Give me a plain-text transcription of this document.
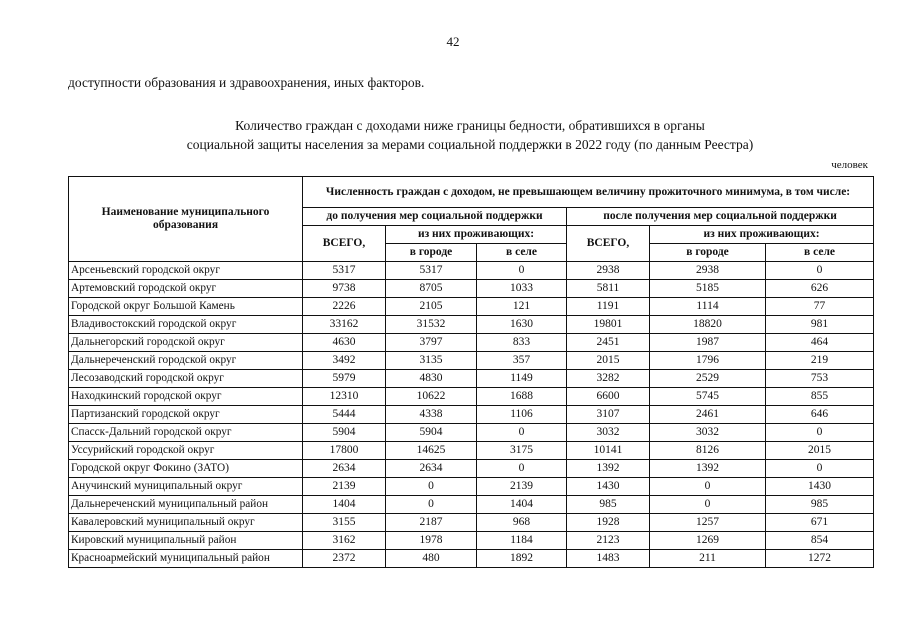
42
доступности образования и здравоохранения, иных факторов.
Количество граждан с доходами ниже границы бедности, обратившихся в органы
социальной защиты населения за мерами социальной поддержки в 2022 году (по данным Реестра)
человек
Наименование муниципального образования	Численность граждан с доходом, не превышающем величину прожиточного минимума, в том числе:					
	до получения мер социальной поддержки			после получения мер социальной поддержки		
	ВСЕГО,	из них проживающих:		ВСЕГО,	из них проживающих:	
		в городе	в селе		в городе	в селе
Арсеньевский городской округ	5317	5317	0	2938	2938	0
Артемовский городской округ	9738	8705	1033	5811	5185	626
Городской округ Большой Камень	2226	2105	121	1191	1114	77
Владивостокский городской округ	33162	31532	1630	19801	18820	981
Дальнегорский городской округ	4630	3797	833	2451	1987	464
Дальнереченский городской округ	3492	3135	357	2015	1796	219
Лесозаводский городской округ	5979	4830	1149	3282	2529	753
Находкинский городской округ	12310	10622	1688	6600	5745	855
Партизанский городской округ	5444	4338	1106	3107	2461	646
Спасск-Дальний городской округ	5904	5904	0	3032	3032	0
Уссурийский городской округ	17800	14625	3175	10141	8126	2015
Городской округ Фокино (ЗАТО)	2634	2634	0	1392	1392	0
Анучинский муниципальный округ	2139	0	2139	1430	0	1430
Дальнереченский муниципальный район	1404	0	1404	985	0	985
Кавалеровский муниципальный округ	3155	2187	968	1928	1257	671
Кировский муниципальный район	3162	1978	1184	2123	1269	854
Красноармейский муниципальный район	2372	480	1892	1483	211	1272
